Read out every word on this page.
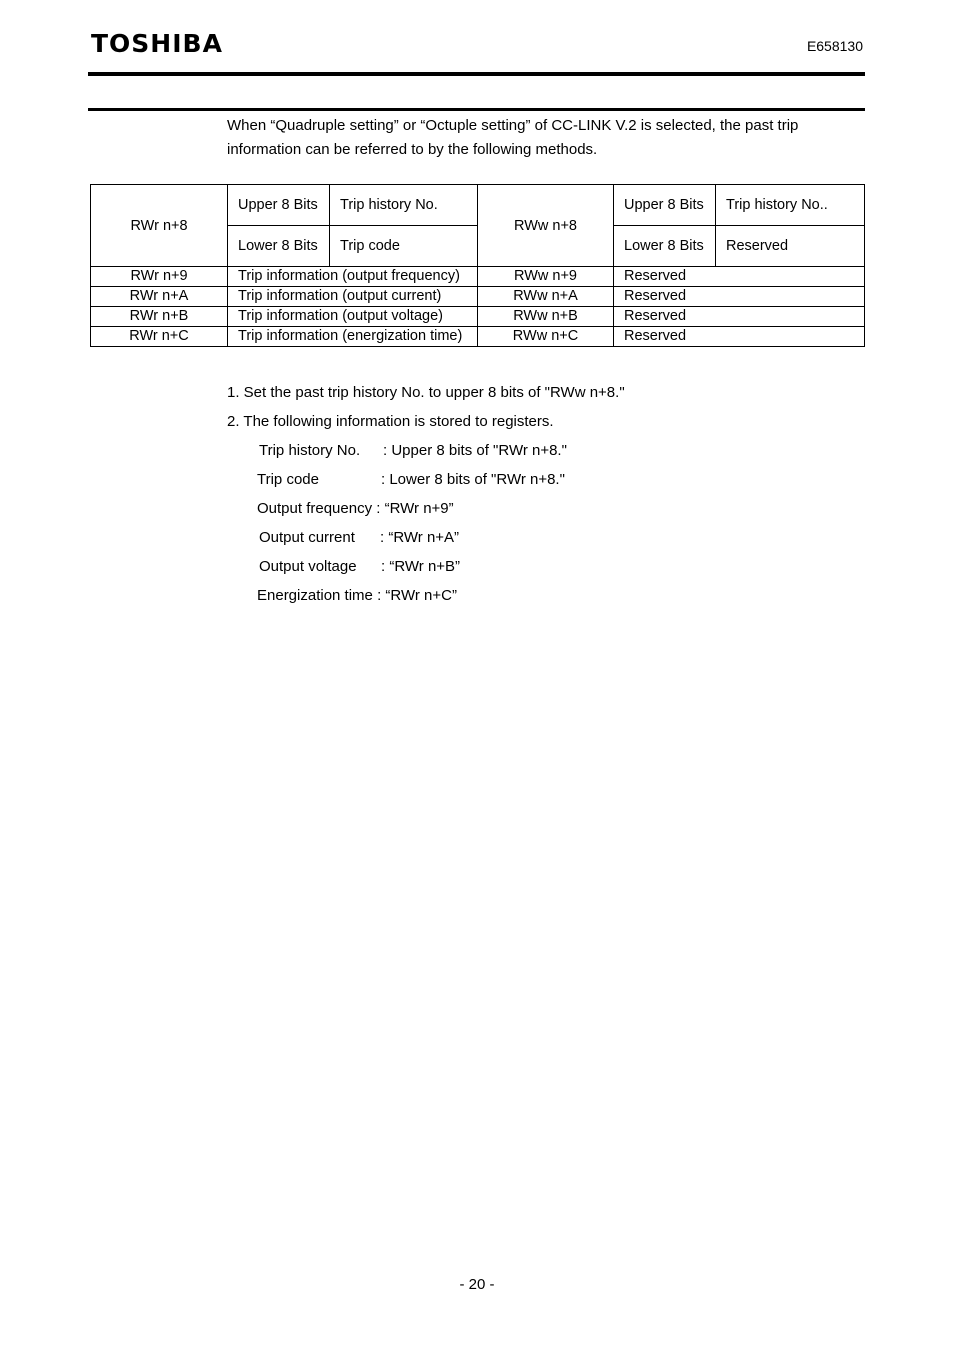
TOSHIBA	E658130
When “Quadruple setting” or “Octuple setting” of CC-LINK V.2 is selected, the past trip
information can be referred to by the following methods.
RWr n+8	Upper 8 Bits	Trip history No.	RWw n+8	Upper 8 Bits	Trip history No..
	Lower 8 Bits	Trip code		Lower 8 Bits	Reserved
RWr n+9	Trip information (output frequency)		RWw n+9	Reserved	
RWr n+A	Trip information (output current)		RWw n+A	Reserved	
RWr n+B	Trip information (output voltage)		RWw n+B	Reserved	
RWr n+C	Trip information (energization time)		RWw n+C	Reserved	
1. Set the past trip history No. to upper 8 bits of "RWw n+8."
2. The following information is stored to registers.
Trip history No. : Upper 8 bits of "RWr n+8."
Trip code	: Lower 8 bits of "RWr n+8."
Output frequency : “RWr n+9”
Output current : “RWr n+A”
Output voltage : “RWr n+B”
Energization time : “RWr n+C”
- 20 -
